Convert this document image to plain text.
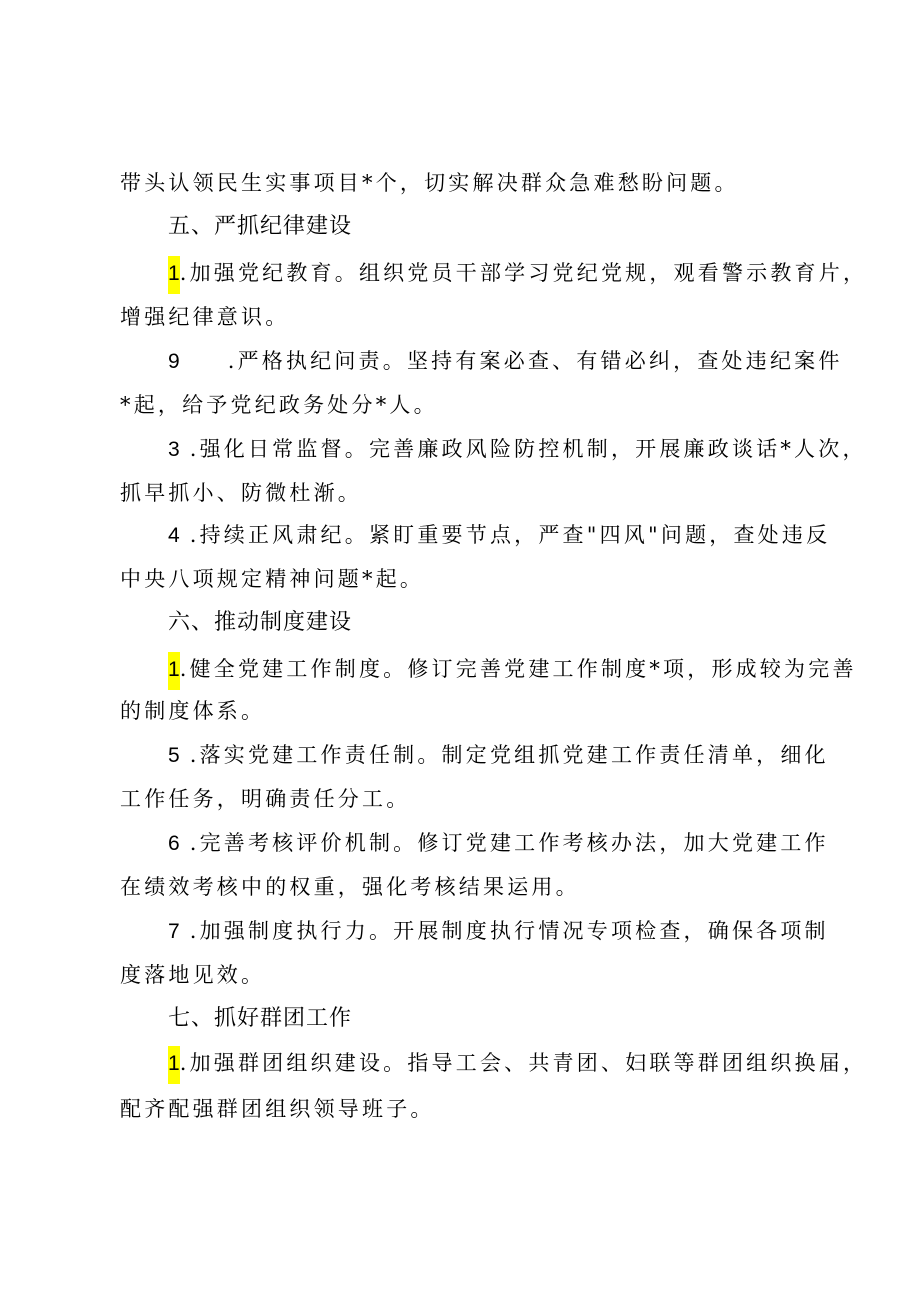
带头认领民生实事项目*个，切实解决群众急难愁盼问题。
五、严抓纪律建设
1.加强党纪教育。组织党员干部学习党纪党规，观看警示教育片，
增强纪律意识。
9 .严格执纪问责。坚持有案必查、有错必纠，查处违纪案件
*起，给予党纪政务处分*人。
3 .强化日常监督。完善廉政风险防控机制，开展廉政谈话*人次，
抓早抓小、防微杜渐。
4 .持续正风肃纪。紧盯重要节点，严查"四风"问题，查处违反
中央八项规定精神问题*起。
六、推动制度建设
1.健全党建工作制度。修订完善党建工作制度*项，形成较为完善
的制度体系。
5 .落实党建工作责任制。制定党组抓党建工作责任清单，细化
工作任务，明确责任分工。
6 .完善考核评价机制。修订党建工作考核办法，加大党建工作
在绩效考核中的权重，强化考核结果运用。
7 .加强制度执行力。开展制度执行情况专项检查，确保各项制
度落地见效。
七、抓好群团工作
1.加强群团组织建设。指导工会、共青团、妇联等群团组织换届，
配齐配强群团组织领导班子。
